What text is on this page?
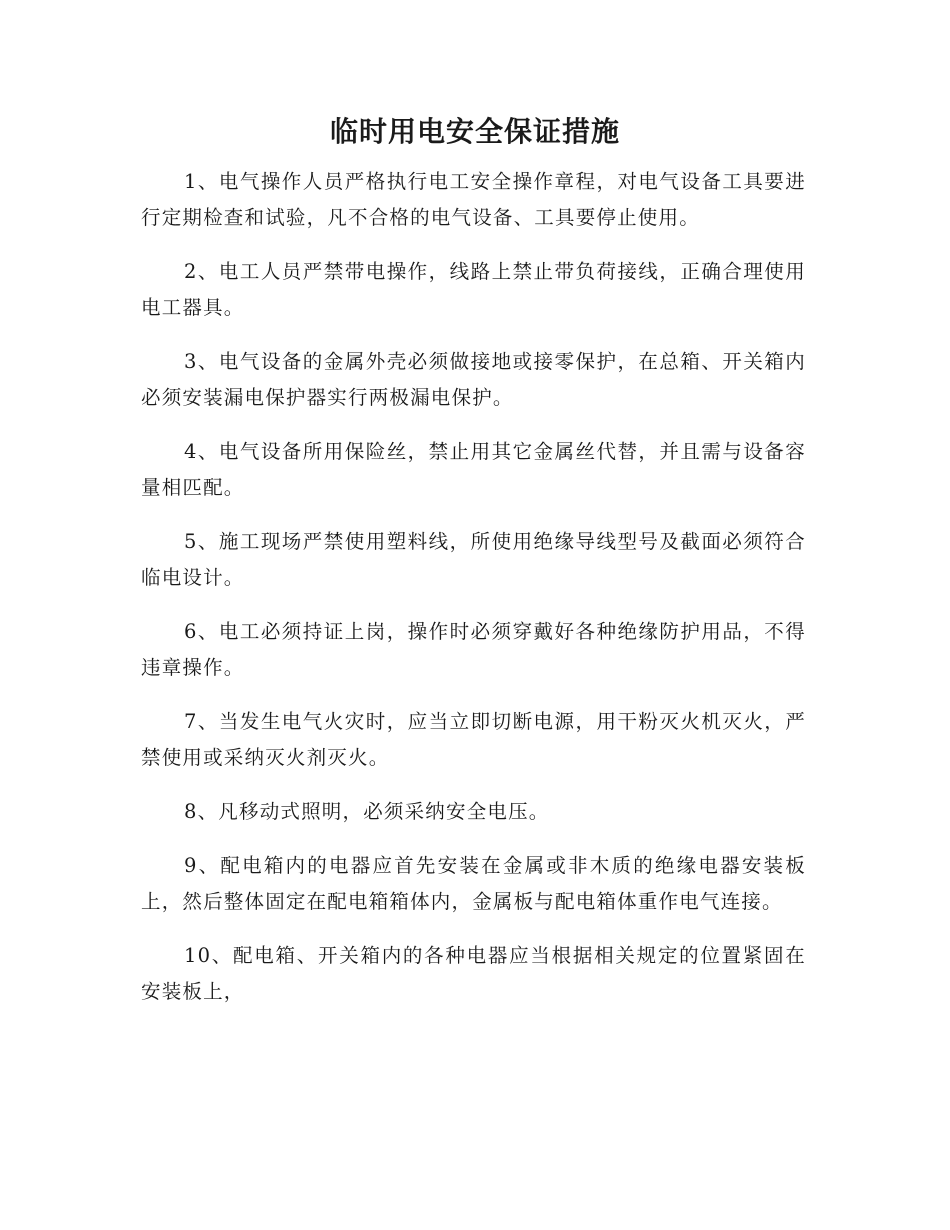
临时用电安全保证措施

1、电气操作人员严格执行电工安全操作章程，对电气设备工具要进行定期检查和试验，凡不合格的电气设备、工具要停止使用。

2、电工人员严禁带电操作，线路上禁止带负荷接线，正确合理使用电工器具。

3、电气设备的金属外壳必须做接地或接零保护，在总箱、开关箱内必须安装漏电保护器实行两极漏电保护。

4、电气设备所用保险丝，禁止用其它金属丝代替，并且需与设备容量相匹配。

5、施工现场严禁使用塑料线，所使用绝缘导线型号及截面必须符合临电设计。

6、电工必须持证上岗，操作时必须穿戴好各种绝缘防护用品，不得违章操作。

7、当发生电气火灾时，应当立即切断电源，用干粉灭火机灭火，严禁使用或采纳灭火剂灭火。

8、凡移动式照明，必须采纳安全电压。

9、配电箱内的电器应首先安装在金属或非木质的绝缘电器安装板上，然后整体固定在配电箱箱体内，金属板与配电箱体重作电气连接。

10、配电箱、开关箱内的各种电器应当根据相关规定的位置紧固在安装板上，
